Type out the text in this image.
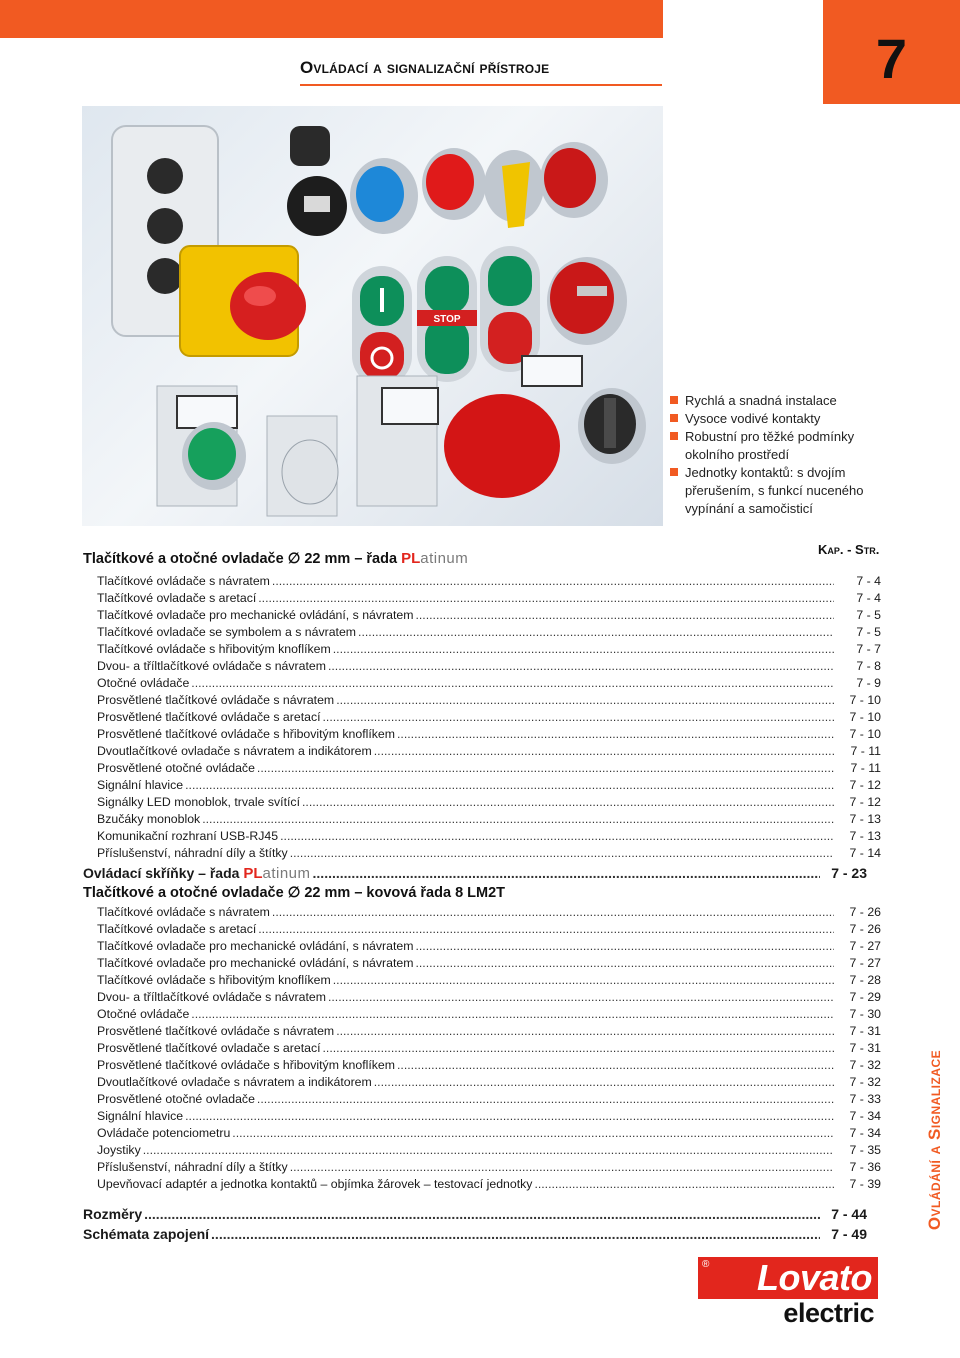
7
Ovládací a signalizační přístroje
STOP
Rychlá a snadná instalace
Vysoce vodivé kontakty
Robustní pro těžké podmínky okolního prostředí
Jednotky kontaktů: s dvojím přerušením, s funkcí nuceného vypínání a samočisticí
Tlačítkové a otočné ovladače ∅ 22 mm – řada PLatinum
Kap. - Str.
Tlačítkové ovládače s návratem .....	7 - 4
Tlačítkové ovladače s aretací .....	7 - 4
Tlačítkové ovladače pro mechanické ovládání, s návratem .....	7 - 5
Tlačítkové ovladače se symbolem a s návratem .....	7 - 5
Tlačítkové ovládače s hřibovitým knoflíkem .....	7 - 7
Dvou- a tříltlačítkové ovládače s návratem .....	7 - 8
Otočné ovládače .....	7 - 9
Prosvětlené tlačítkové ovládače s návratem .....	7 - 10
Prosvětlené tlačítkové ovládače s aretací .....	7 - 10
Prosvětlené tlačítkové ovládače s hřibovitým knoflíkem .....	7 - 10
Dvoutlačítkové ovladače s návratem a indikátorem .....	7 - 11
Prosvětlené otočné ovládače .....	7 - 11
Signální hlavice .....	7 - 12
Signálky LED monoblok, trvale svítící .....	7 - 12
Bzučáky monoblok .....	7 - 13
Komunikační rozhraní USB-RJ45 .....	7 - 13
Příslušenství, náhradní díly a štítky .....	7 - 14
Ovládací skříňky – řada PLatinum .....	7 - 23
Tlačítkové a otočné ovladače ∅ 22 mm – kovová řada 8 LM2T
Tlačítkové ovládače s návratem .....	7 - 26
Tlačítkové ovladače s aretací .....	7 - 26
Tlačítkové ovladače pro mechanické ovládání, s návratem .....	7 - 27
Tlačítkové ovladače pro mechanické ovládání, s návratem .....	7 - 27
Tlačítkové ovládače s hřibovitým knoflíkem .....	7 - 28
Dvou- a tříltlačítkové ovládače s návratem .....	7 - 29
Otočné ovládače .....	7 - 30
Prosvětlené tlačítkové ovládače s návratem .....	7 - 31
Prosvětlené tlačítkové ovladače s aretací .....	7 - 31
Prosvětlené tlačítkové ovládače s hřibovitým knoflíkem .....	7 - 32
Dvoutlačítkové ovladače s návratem a indikátorem .....	7 - 32
Prosvětlené otočné ovladače .....	7 - 33
Signální hlavice .....	7 - 34
Ovládače potenciometru .....	7 - 34
Joystiky .....	7 - 35
Příslušenství, náhradní díly a štítky .....	7 - 36
Upevňovací adaptér a jednotka kontaktů – objímka žárovek – testovací jednotky .....	7 - 39
Rozměry .....	7 - 44
Schémata zapojení .....	7 - 49
Ovládání a Signalizace
Lovato
®
electric
